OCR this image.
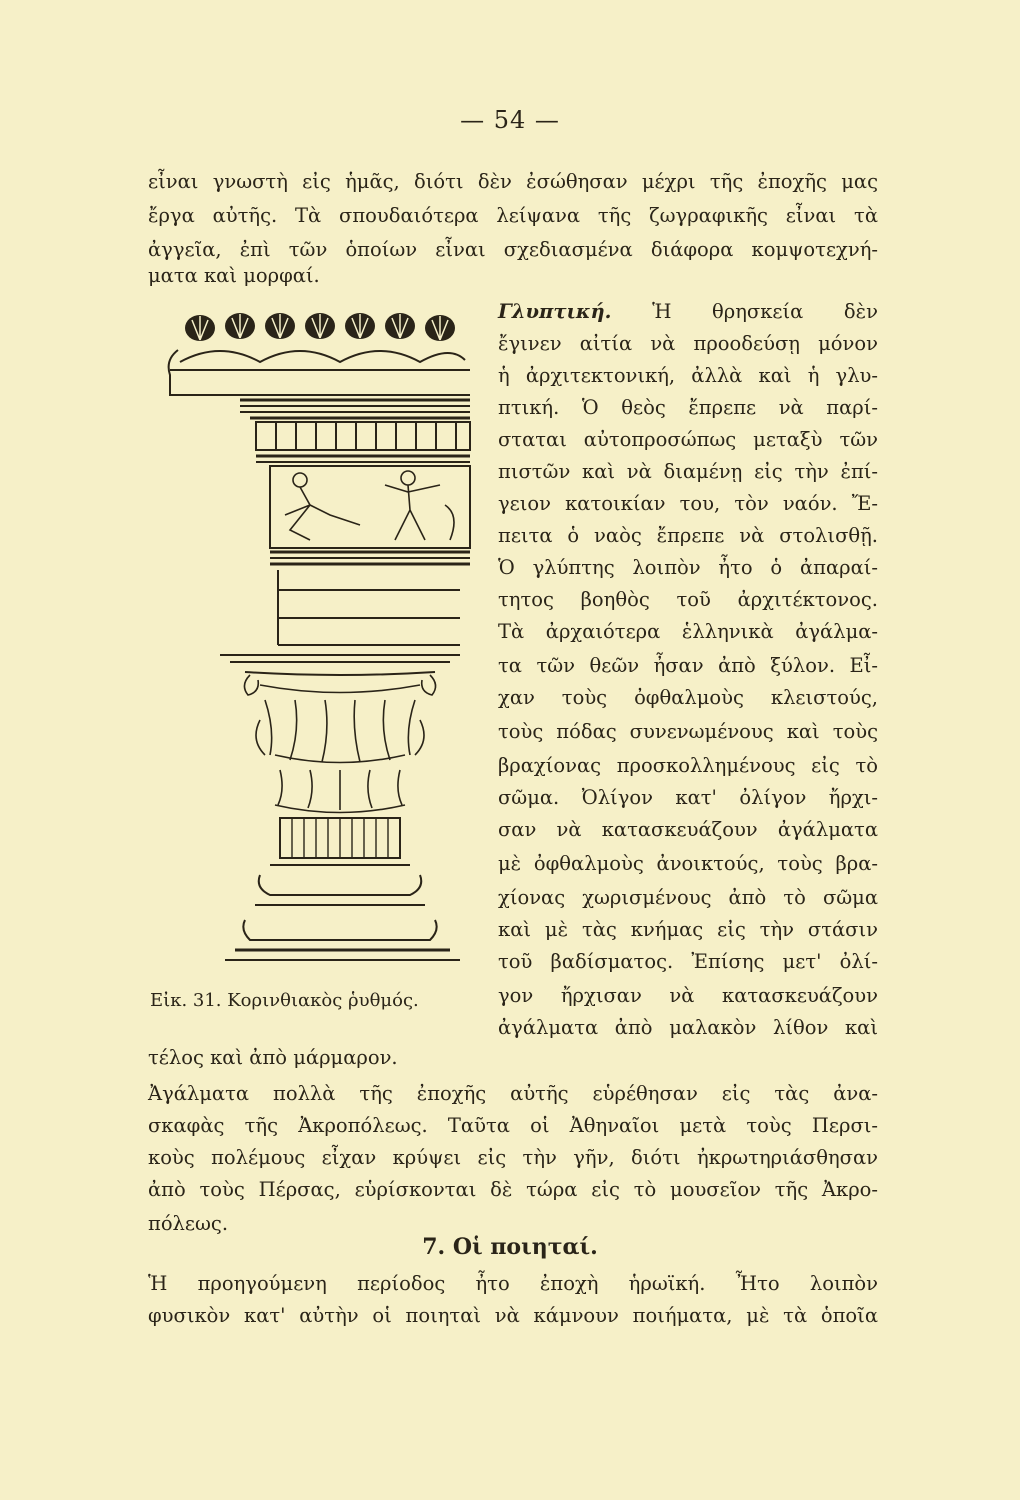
— 54 —
εἶναι γνωστὴ εἰς ἡμᾶς, διότι δὲν ἐσώθησαν μέχρι τῆς ἐποχῆς μας
ἔργα αὐτῆς. Τὰ σπουδαιότερα λείψανα τῆς ζωγραφικῆς εἶναι τὰ
ἀγγεῖα, ἐπὶ τῶν ὁποίων εἶναι σχεδιασμένα διάφορα κομψοτεχνή-
ματα καὶ μορφαί.
Γλυπτική. Ἡ θρησκεία δὲν
ἔγινεν αἰτία νὰ προοδεύσῃ μόνον
ἡ ἀρχιτεκτονική, ἀλλὰ καὶ ἡ γλυ-
πτική. Ὁ θεὸς ἔπρεπε νὰ παρί-
σταται αὐτοπροσώπως μεταξὺ τῶν
πιστῶν καὶ νὰ διαμένῃ εἰς τὴν ἐπί-
γειον κατοικίαν του, τὸν ναόν. Ἔ-
πειτα ὁ ναὸς ἔπρεπε νὰ στολισθῇ.
Ὁ γλύπτης λοιπὸν ἦτο ὁ ἀπαραί-
τητος βοηθὸς τοῦ ἀρχιτέκτονος.
Τὰ ἀρχαιότερα ἑλληνικὰ ἀγάλμα-
τα τῶν θεῶν ἦσαν ἀπὸ ξύλον. Εἶ-
χαν τοὺς ὀφθαλμοὺς κλειστούς,
τοὺς πόδας συνενωμένους καὶ τοὺς
βραχίονας προσκολλημένους εἰς τὸ
σῶμα. Ὀλίγον κατ' ὀλίγον ἤρχι-
σαν νὰ κατασκευάζουν ἀγάλματα
μὲ ὀφθαλμοὺς ἀνοικτούς, τοὺς βρα-
χίονας χωρισμένους ἀπὸ τὸ σῶμα
καὶ μὲ τὰς κνήμας εἰς τὴν στάσιν
τοῦ βαδίσματος. Ἐπίσης μετ' ὀλί-
γον ἤρχισαν νὰ κατασκευάζουν
ἀγάλματα ἀπὸ μαλακὸν λίθον καὶ
Εἰκ. 31. Κορινθιακὸς ῥυθμός.
τέλος καὶ ἀπὸ μάρμαρον.
Ἀγάλματα πολλὰ τῆς ἐποχῆς αὐτῆς εὑρέθησαν εἰς τὰς ἀνα-
σκαφὰς τῆς Ἀκροπόλεως. Ταῦτα οἱ Ἀθηναῖοι μετὰ τοὺς Περσι-
κοὺς πολέμους εἶχαν κρύψει εἰς τὴν γῆν, διότι ἠκρωτηριάσθησαν
ἀπὸ τοὺς Πέρσας, εὑρίσκονται δὲ τώρα εἰς τὸ μουσεῖον τῆς Ἀκρο-
πόλεως.
7. Οἱ ποιηταί.
Ἡ προηγούμενη περίοδος ἦτο ἐποχὴ ἡρωϊκή. Ἦτο λοιπὸν
φυσικὸν κατ' αὐτὴν οἱ ποιηταὶ νὰ κάμνουν ποιήματα, μὲ τὰ ὁποῖα
